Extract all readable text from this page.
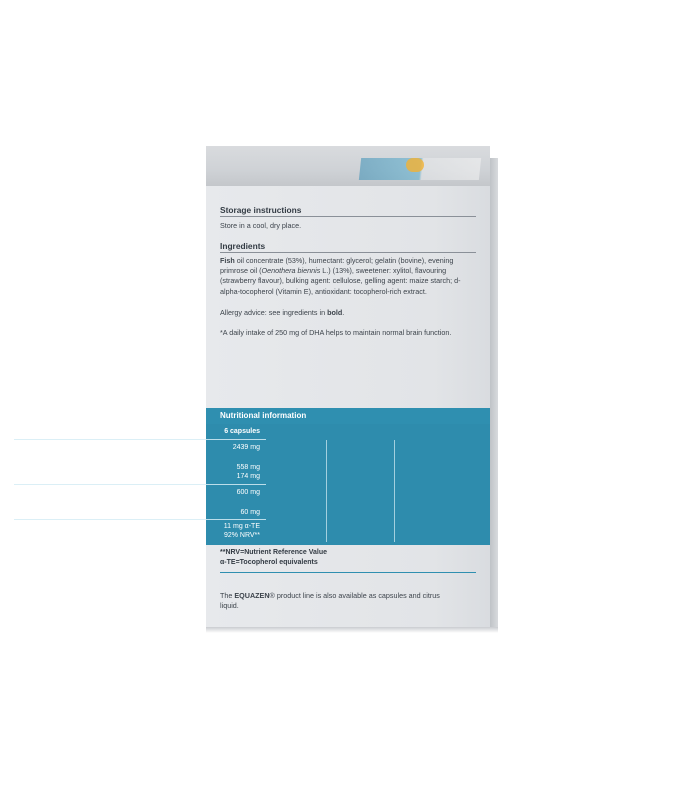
Storage instructions
Store in a cool, dry place.
Ingredients
Fish oil concentrate (53%), humectant: glycerol; gelatin (bovine), evening primrose oil (Oenothera biennis L.) (13%), sweetener: xylitol, flavouring (strawberry flavour), bulking agent: cellulose, gelling agent: maize starch; d-alpha-tocopherol (Vitamin E), antioxidant: tocopherol-rich extract.
Allergy advice: see ingredients in bold.
*A daily intake of 250 mg of DHA helps to maintain normal brain function.
Nutritional information
2 capsules	6 capsules
Fish oil concentrate	813 mg	2439 mg
Of which omega-3:
- eicosapentaenoic acid (EPA)	186 mg	558 mg
- docosahexaenoic acid (DHA)	58 mg	174 mg
Evening Primrose oil	200 mg	600 mg
Of which omega-6:
- gamma linolenic acid (GLA)	20 mg	60 mg
Vitamin E	3.6 mg α-TE	11 mg α-TE
30% NRV**	92% NRV**
**NRV=Nutrient Reference Value
α-TE=Tocopherol equivalents
The EQUAZEN® product line is also available as capsules and citrus liquid.
